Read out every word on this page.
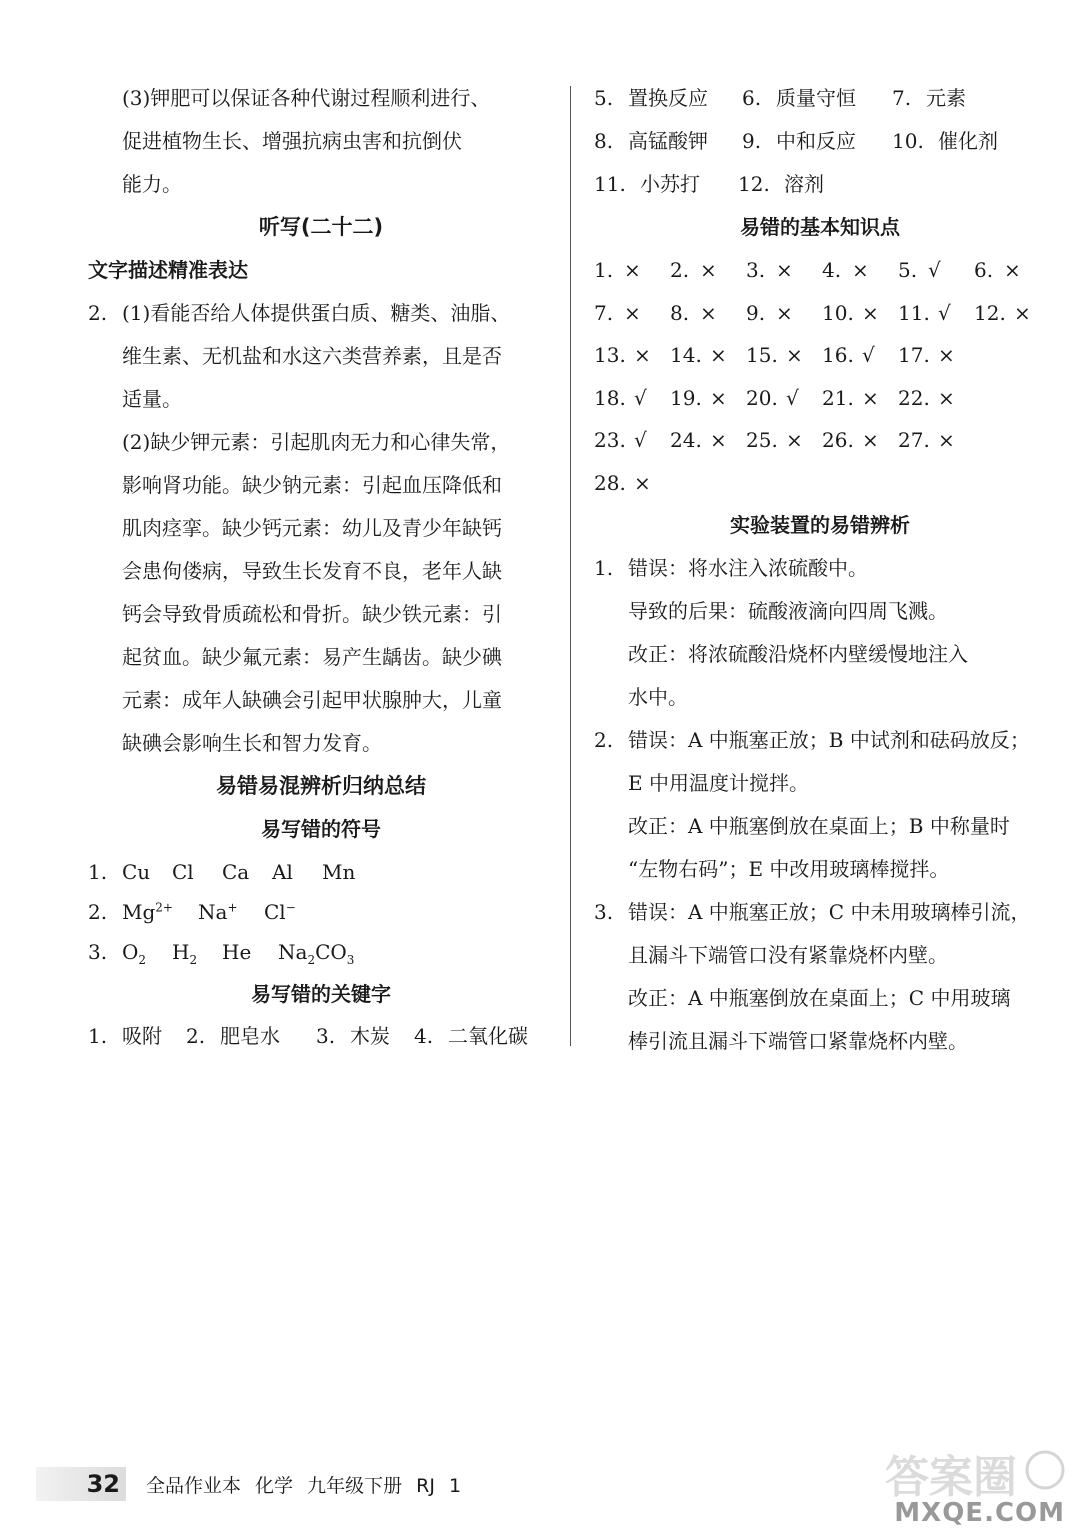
(3)钾肥可以保证各种代谢过程顺利进行、
促进植物生长、增强抗病虫害和抗倒伏
能力。
听写(二十二)
文字描述精准表达
2. (1)看能否给人体提供蛋白质、糖类、油脂、
维生素、无机盐和水这六类营养素，且是否
适量。
(2)缺少钾元素：引起肌肉无力和心律失常，
影响肾功能。缺少钠元素：引起血压降低和
肌肉痉挛。缺少钙元素：幼儿及青少年缺钙
会患佝偻病，导致生长发育不良，老年人缺
钙会导致骨质疏松和骨折。缺少铁元素：引
起贫血。缺少氟元素：易产生龋齿。缺少碘
元素：成年人缺碘会引起甲状腺肿大，儿童
缺碘会影响生长和智力发育。
易错易混辨析归纳总结
易写错的符号
1. Cu Cl Ca Al Mn
2. $Mg^{2+}$ Na+ Cl−
3. $O_2$ $H_2$ He $Na_2CO_3$
易写错的关键字
1. 吸附 2. 肥皂水 3. 木炭 4. 二氧化碳
5. 置换反应 6. 质量守恒 7. 元素
8. 高锰酸钾 9. 中和反应 10. 催化剂
11. 小苏打 12. 溶剂
易错的基本知识点
1. × 2. × 3. × 4. × 5. √ 6. ×
7. × 8. × 9. × 10. × 11. √ 12. ×
13. × 14. × 15. × 16. √ 17. ×
18. √ 19. × 20. √ 21. × 22. ×
23. √ 24. × 25. × 26. × 27. ×
28. ×
实验装置的易错辨析
1. 错误：将水注入浓硫酸中。
导致的后果：硫酸液滴向四周飞溅。
改正：将浓硫酸沿烧杯内壁缓慢地注入
水中。
2. 错误：A 中瓶塞正放；B 中试剂和砝码放反；
E 中用温度计搅拌。
改正：A 中瓶塞倒放在桌面上；B 中称量时
“左物右码”；E 中改用玻璃棒搅拌。
3. 错误：A 中瓶塞正放；C 中未用玻璃棒引流，
且漏斗下端管口没有紧靠烧杯内壁。
改正：A 中瓶塞倒放在桌面上；C 中用玻璃
棒引流且漏斗下端管口紧靠烧杯内壁。
32 全品作业本 化学 九年级下册 RJ 1	答案圈
MXQE.COM
